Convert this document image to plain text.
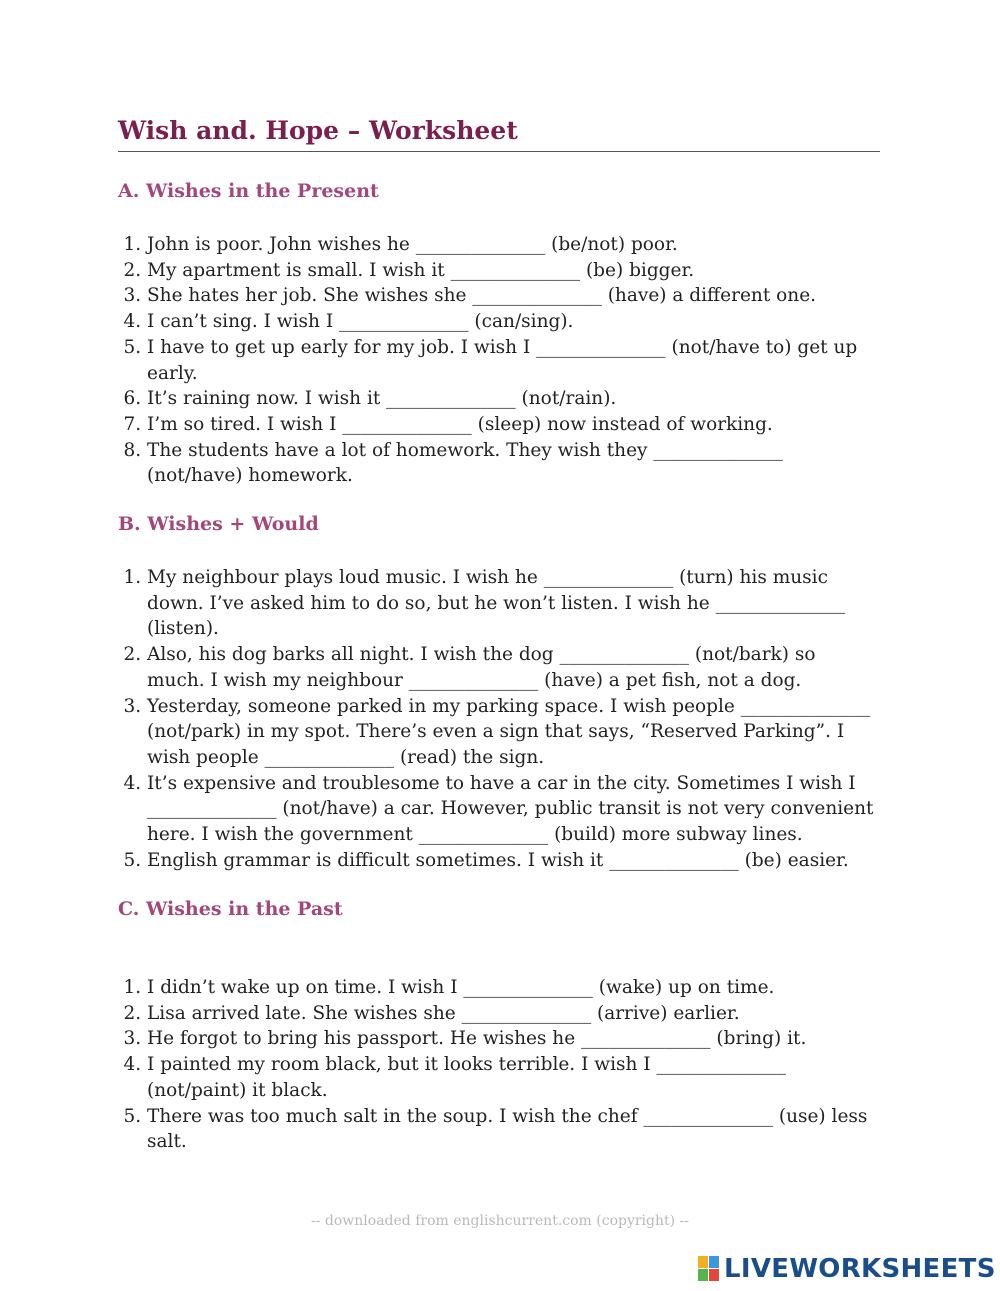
Wish and. Hope – Worksheet
A. Wishes in the Present
1. John is poor. John wishes he ______________ (be/not) poor.
2. My apartment is small. I wish it ______________ (be) bigger.
3. She hates her job. She wishes she ______________ (have) a different one.
4. I can’t sing. I wish I ______________ (can/sing).
5. I have to get up early for my job. I wish I ______________ (not/have to) get up early.
6. It’s raining now. I wish it ______________ (not/rain).
7. I’m so tired. I wish I ______________ (sleep) now instead of working.
8. The students have a lot of homework. They wish they ______________ (not/have) homework.
B. Wishes + Would
1. My neighbour plays loud music. I wish he ______________ (turn) his music down. I’ve asked him to do so, but he won’t listen. I wish he ______________ (listen).
2. Also, his dog barks all night. I wish the dog ______________ (not/bark) so much. I wish my neighbour ______________ (have) a pet fish, not a dog.
3. Yesterday, someone parked in my parking space. I wish people ______________ (not/park) in my spot. There’s even a sign that says, “Reserved Parking”. I wish people ______________ (read) the sign.
4. It’s expensive and troublesome to have a car in the city. Sometimes I wish I ______________ (not/have) a car. However, public transit is not very convenient here. I wish the government ______________ (build) more subway lines.
5. English grammar is difficult sometimes. I wish it ______________ (be) easier.
C. Wishes in the Past
1. I didn’t wake up on time. I wish I ______________ (wake) up on time.
2. Lisa arrived late. She wishes she ______________ (arrive) earlier.
3. He forgot to bring his passport. He wishes he ______________ (bring) it.
4. I painted my room black, but it looks terrible. I wish I ______________ (not/paint) it black.
5. There was too much salt in the soup. I wish the chef ______________ (use) less salt.
-- downloaded from englishcurrent.com (copyright) --
LIVEWORKSHEETS
